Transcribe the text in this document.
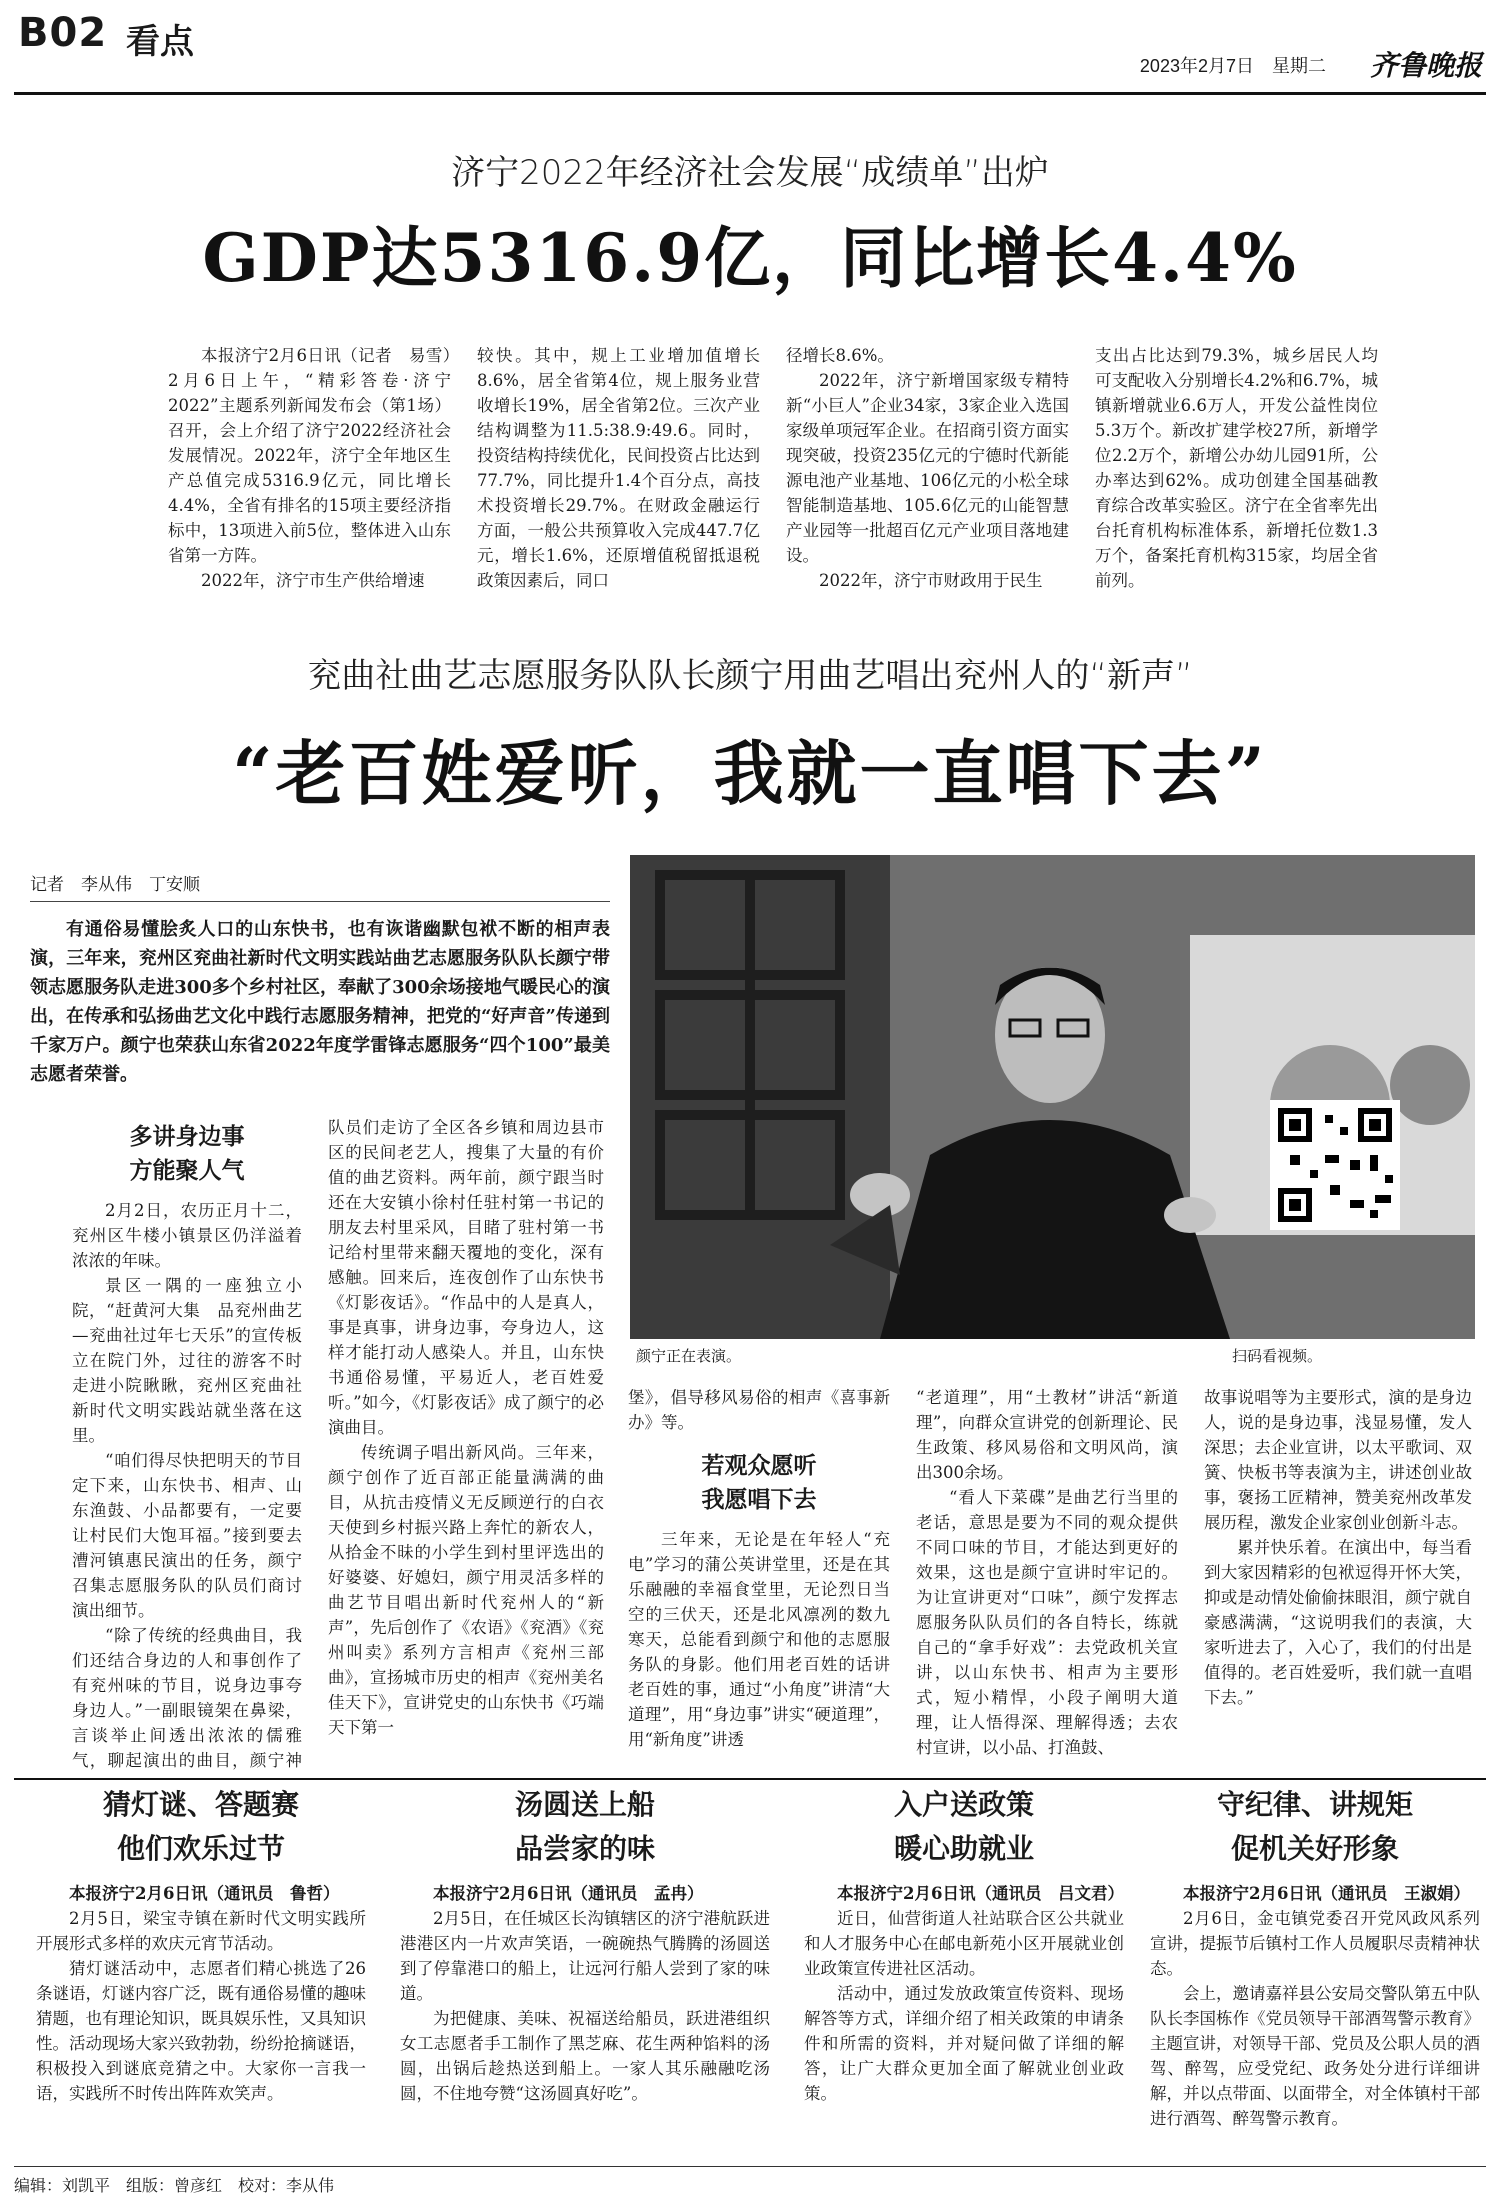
B02 看点
2023年2月7日　星期二 齐鲁晚报
济宁2022年经济社会发展“成绩单”出炉
GDP达5316.9亿，同比增长4.4%

本报济宁2月6日讯（记者　易雪）2月6日上午，“精彩答卷·济宁2022”主题系列新闻发布会（第1场）召开，会上介绍了济宁2022经济社会发展情况。2022年，济宁全年地区生产总值完成5316.9亿元，同比增长4.4%，全省有排名的15项主要经济指标中，13项进入前5位，整体进入山东省第一方阵。

2022年，济宁市生产供给增速

较快。其中，规上工业增加值增长8.6%，居全省第4位，规上服务业营收增长19%，居全省第2位。三次产业结构调整为11.5:38.9:49.6。同时，投资结构持续优化，民间投资占比达到77.7%，同比提升1.4个百分点，高技术投资增长29.7%。在财政金融运行方面，一般公共预算收入完成447.7亿元，增长1.6%，还原增值税留抵退税政策因素后，同口

径增长8.6%。

2022年，济宁新增国家级专精特新“小巨人”企业34家，3家企业入选国家级单项冠军企业。在招商引资方面实现突破，投资235亿元的宁德时代新能源电池产业基地、106亿元的小松全球智能制造基地、105.6亿元的山能智慧产业园等一批超百亿元产业项目落地建设。

2022年，济宁市财政用于民生

支出占比达到79.3%，城乡居民人均可支配收入分别增长4.2%和6.7%，城镇新增就业6.6万人，开发公益性岗位5.3万个。新改扩建学校27所，新增学位2.2万个，新增公办幼儿园91所，公办率达到62%。成功创建全国基础教育综合改革实验区。济宁在全省率先出台托育机构标准体系，新增托位数1.3万个，备案托育机构315家，均居全省前列。

兖曲社曲艺志愿服务队队长颜宁用曲艺唱出兖州人的“新声”
“老百姓爱听，我就一直唱下去”
记者　李从伟　丁安顺

有通俗易懂脍炙人口的山东快书，也有诙谐幽默包袱不断的相声表演，三年来，兖州区兖曲社新时代文明实践站曲艺志愿服务队队长颜宁带领志愿服务队走进300多个乡村社区，奉献了300余场接地气暖民心的演出，在传承和弘扬曲艺文化中践行志愿服务精神，把党的“好声音”传递到千家万户。颜宁也荣获山东省2022年度学雷锋志愿服务“四个100”最美志愿者荣誉。

颜宁正在表演。	扫码看视频。
多讲身边事
方能聚人气

2月2日，农历正月十二，兖州区牛楼小镇景区仍洋溢着浓浓的年味。

景区一隅的一座独立小院，“赶黄河大集　品兖州曲艺—兖曲社过年七天乐”的宣传板立在院门外，过往的游客不时走进小院瞅瞅，兖州区兖曲社新时代文明实践站就坐落在这里。

“咱们得尽快把明天的节目定下来，山东快书、相声、山东渔鼓、小品都要有，一定要让村民们大饱耳福。”接到要去漕河镇惠民演出的任务，颜宁召集志愿服务队的队员们商讨演出细节。

“除了传统的经典曲目，我们还结合身边的人和事创作了有兖州味的节目，说身边事夸身边人。”一副眼镜架在鼻梁，言谈举止间透出浓浓的儒雅气，聊起演出的曲目，颜宁神

队员们走访了全区各乡镇和周边县市区的民间老艺人，搜集了大量的有价值的曲艺资料。两年前，颜宁跟当时还在大安镇小徐村任驻村第一书记的朋友去村里采风，目睹了驻村第一书记给村里带来翻天覆地的变化，深有感触。回来后，连夜创作了山东快书《灯影夜话》。“作品中的人是真人，事是真事，讲身边事，夸身边人，这样才能打动人感染人。并且，山东快书通俗易懂，平易近人，老百姓爱听。”如今，《灯影夜话》成了颜宁的必演曲目。

传统调子唱出新风尚。三年来，颜宁创作了近百部正能量满满的曲目，从抗击疫情义无反顾逆行的白衣天使到乡村振兴路上奔忙的新农人，从拾金不昧的小学生到村里评选出的好婆婆、好媳妇，颜宁用灵活多样的曲艺节目唱出新时代兖州人的“新声”，先后创作了《农语》《兖酒》《兖州叫卖》系列方言相声《兖州三部曲》，宣扬城市历史的相声《兖州美名佳天下》，宣讲党史的山东快书《巧端天下第一

堡》，倡导移风易俗的相声《喜事新办》等。

若观众愿听
我愿唱下去

三年来，无论是在年轻人“充电”学习的蒲公英讲堂里，还是在其乐融融的幸福食堂里，无论烈日当空的三伏天，还是北风凛冽的数九寒天，总能看到颜宁和他的志愿服务队的身影。他们用老百姓的话讲老百姓的事，通过“小角度”讲清“大道理”，用“身边事”讲实“硬道理”，用“新角度”讲透

“老道理”，用“土教材”讲活“新道理”，向群众宣讲党的创新理论、民生政策、移风易俗和文明风尚，演出300余场。

“看人下菜碟”是曲艺行当里的老话，意思是要为不同的观众提供不同口味的节目，才能达到更好的效果，这也是颜宁宣讲时牢记的。为让宣讲更对“口味”，颜宁发挥志愿服务队队员们的各自特长，练就自己的“拿手好戏”：去党政机关宣讲，以山东快书、相声为主要形式，短小精悍，小段子阐明大道理，让人悟得深、理解得透；去农村宣讲，以小品、打渔鼓、

故事说唱等为主要形式，演的是身边人，说的是身边事，浅显易懂，发人深思；去企业宣讲，以太平歌词、双簧、快板书等表演为主，讲述创业故事，褒扬工匠精神，赞美兖州改革发展历程，激发企业家创业创新斗志。

累并快乐着。在演出中，每当看到大家因精彩的包袱逗得开怀大笑，抑或是动情处偷偷抹眼泪，颜宁就自豪感满满，“这说明我们的表演，大家听进去了，入心了，我们的付出是值得的。老百姓爱听，我们就一直唱下去。”

猜灯谜、答题赛
他们欢乐过节

本报济宁2月6日讯（通讯员　鲁哲）

2月5日，梁宝寺镇在新时代文明实践所开展形式多样的欢庆元宵节活动。

猜灯谜活动中，志愿者们精心挑选了26条谜语，灯谜内容广泛，既有通俗易懂的趣味猜题，也有理论知识，既具娱乐性，又具知识性。活动现场大家兴致勃勃，纷纷抢摘谜语，积极投入到谜底竞猜之中。大家你一言我一语，实践所不时传出阵阵欢笑声。

汤圆送上船
品尝家的味

本报济宁2月6日讯（通讯员　孟冉）

2月5日，在任城区长沟镇辖区的济宁港航跃进港港区内一片欢声笑语，一碗碗热气腾腾的汤圆送到了停靠港口的船上，让远河行船人尝到了家的味道。

为把健康、美味、祝福送给船员，跃进港组织女工志愿者手工制作了黑芝麻、花生两种馅料的汤圆，出锅后趁热送到船上。一家人其乐融融吃汤圆，不住地夸赞“这汤圆真好吃”。

入户送政策
暖心助就业

本报济宁2月6日讯（通讯员　吕文君）

近日，仙营街道人社站联合区公共就业和人才服务中心在邮电新苑小区开展就业创业政策宣传进社区活动。

活动中，通过发放政策宣传资料、现场解答等方式，详细介绍了相关政策的申请条件和所需的资料，并对疑问做了详细的解答，让广大群众更加全面了解就业创业政策。

守纪律、讲规矩
促机关好形象

本报济宁2月6日讯（通讯员　王淑娟）

2月6日，金屯镇党委召开党风政风系列宣讲，提振节后镇村工作人员履职尽责精神状态。

会上，邀请嘉祥县公安局交警队第五中队队长李国栋作《党员领导干部酒驾警示教育》主题宣讲，对领导干部、党员及公职人员的酒驾、醉驾，应受党纪、政务处分进行详细讲解，并以点带面、以面带全，对全体镇村干部进行酒驾、醉驾警示教育。

编辑：刘凯平　组版：曾彦红　校对：李从伟
